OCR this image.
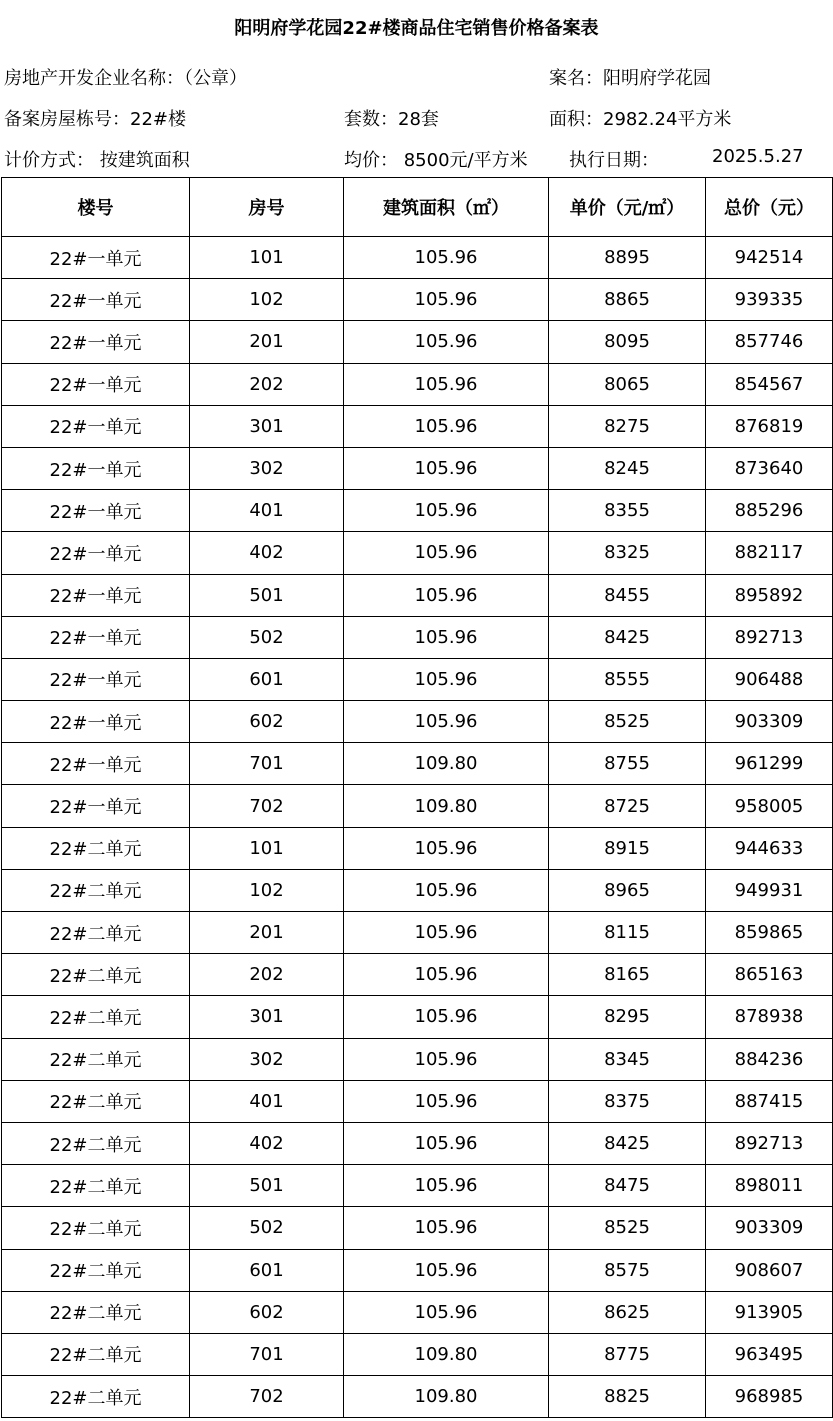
阳明府学花园22#楼商品住宅销售价格备案表
房地产开发企业名称：（公章）	案名：阳明府学花园
备案房屋栋号：22#楼	套数：28套	面积：2982.24平方米
计价方式： 按建筑面积	均价： 8500元/平方米 执行日期：	2025.5.27
楼号	房号	建筑面积（㎡）	单价（元/㎡）	总价（元）
22#一单元	101	105.96	8895	942514
22#一单元	102	105.96	8865	939335
22#一单元	201	105.96	8095	857746
22#一单元	202	105.96	8065	854567
22#一单元	301	105.96	8275	876819
22#一单元	302	105.96	8245	873640
22#一单元	401	105.96	8355	885296
22#一单元	402	105.96	8325	882117
22#一单元	501	105.96	8455	895892
22#一单元	502	105.96	8425	892713
22#一单元	601	105.96	8555	906488
22#一单元	602	105.96	8525	903309
22#一单元	701	109.80	8755	961299
22#一单元	702	109.80	8725	958005
22#二单元	101	105.96	8915	944633
22#二单元	102	105.96	8965	949931
22#二单元	201	105.96	8115	859865
22#二单元	202	105.96	8165	865163
22#二单元	301	105.96	8295	878938
22#二单元	302	105.96	8345	884236
22#二单元	401	105.96	8375	887415
22#二单元	402	105.96	8425	892713
22#二单元	501	105.96	8475	898011
22#二单元	502	105.96	8525	903309
22#二单元	601	105.96	8575	908607
22#二单元	602	105.96	8625	913905
22#二单元	701	109.80	8775	963495
22#二单元	702	109.80	8825	968985
